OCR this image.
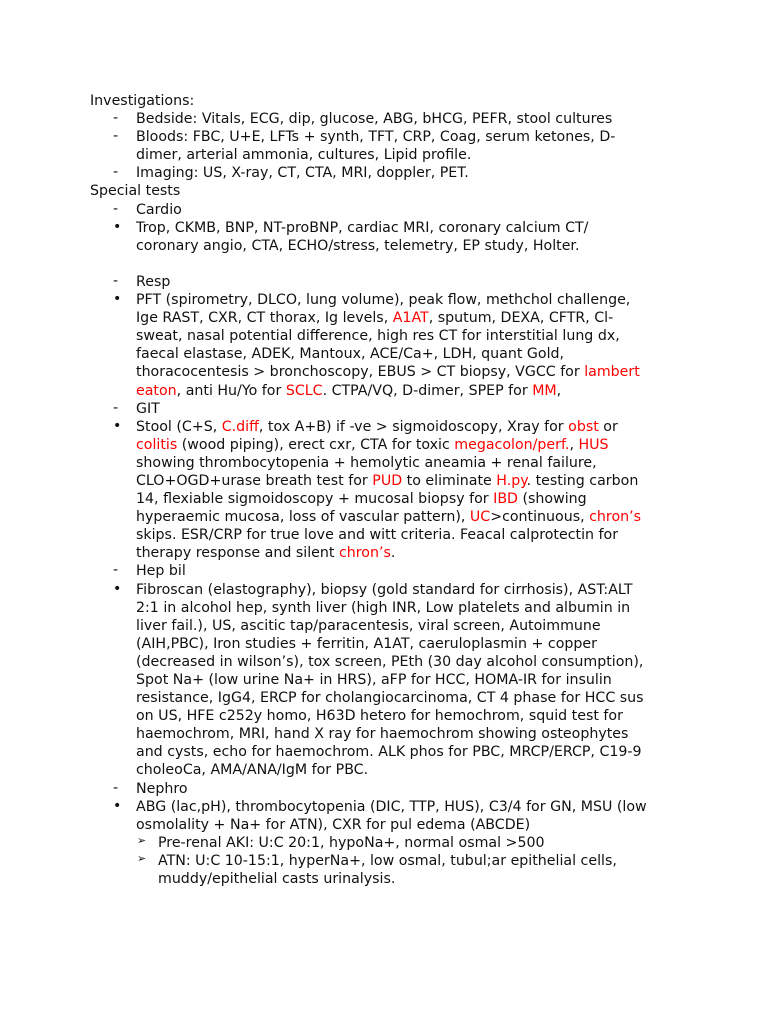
Investigations:
- Bedside: Vitals, ECG, dip, glucose, ABG, bHCG, PEFR, stool cultures
- Bloods: FBC, U+E, LFTs + synth, TFT, CRP, Coag, serum ketones, D-
dimer, arterial ammonia, cultures, Lipid profile.
- Imaging: US, X-ray, CT, CTA, MRI, doppler, PET.
Special tests
- Cardio
• Trop, CKMB, BNP, NT-proBNP, cardiac MRI, coronary calcium CT/
coronary angio, CTA, ECHO/stress, telemetry, EP study, Holter.
- Resp
• PFT (spirometry, DLCO, lung volume), peak flow, methchol challenge,
Ige RAST, CXR, CT thorax, Ig levels, A1AT, sputum, DEXA, CFTR, Cl-
sweat, nasal potential difference, high res CT for interstitial lung dx,
faecal elastase, ADEK, Mantoux, ACE/Ca+, LDH, quant Gold,
thoracocentesis > bronchoscopy, EBUS > CT biopsy, VGCC for lambert
eaton, anti Hu/Yo for SCLC. CTPA/VQ, D-dimer, SPEP for MM,
- GIT
• Stool (C+S, C.diff, tox A+B) if -ve > sigmoidoscopy, Xray for obst or
colitis (wood piping), erect cxr, CTA for toxic megacolon/perf., HUS
showing thrombocytopenia + hemolytic aneamia + renal failure,
CLO+OGD+urase breath test for PUD to eliminate H.py. testing carbon
14, flexiable sigmoidoscopy + mucosal biopsy for IBD (showing
hyperaemic mucosa, loss of vascular pattern), UC>continuous, chron’s
skips. ESR/CRP for true love and witt criteria. Feacal calprotectin for
therapy response and silent chron’s.
- Hep bil
• Fibroscan (elastography), biopsy (gold standard for cirrhosis), AST:ALT
2:1 in alcohol hep, synth liver (high INR, Low platelets and albumin in
liver fail.), US, ascitic tap/paracentesis, viral screen, Autoimmune
(AIH,PBC), Iron studies + ferritin, A1AT, caeruloplasmin + copper
(decreased in wilson’s), tox screen, PEth (30 day alcohol consumption),
Spot Na+ (low urine Na+ in HRS), aFP for HCC, HOMA-IR for insulin
resistance, IgG4, ERCP for cholangiocarcinoma, CT 4 phase for HCC sus
on US, HFE c252y homo, H63D hetero for hemochrom, squid test for
haemochrom, MRI, hand X ray for haemochrom showing osteophytes
and cysts, echo for haemochrom. ALK phos for PBC, MRCP/ERCP, C19-9
choleoCa, AMA/ANA/IgM for PBC.
- Nephro
• ABG (lac,pH), thrombocytopenia (DIC, TTP, HUS), C3/4 for GN, MSU (low
osmolality + Na+ for ATN), CXR for pul edema (ABCDE)
➢ Pre-renal AKI: U:C 20:1, hypoNa+, normal osmal >500
➢ ATN: U:C 10-15:1, hyperNa+, low osmal, tubul;ar epithelial cells,
muddy/epithelial casts urinalysis.
